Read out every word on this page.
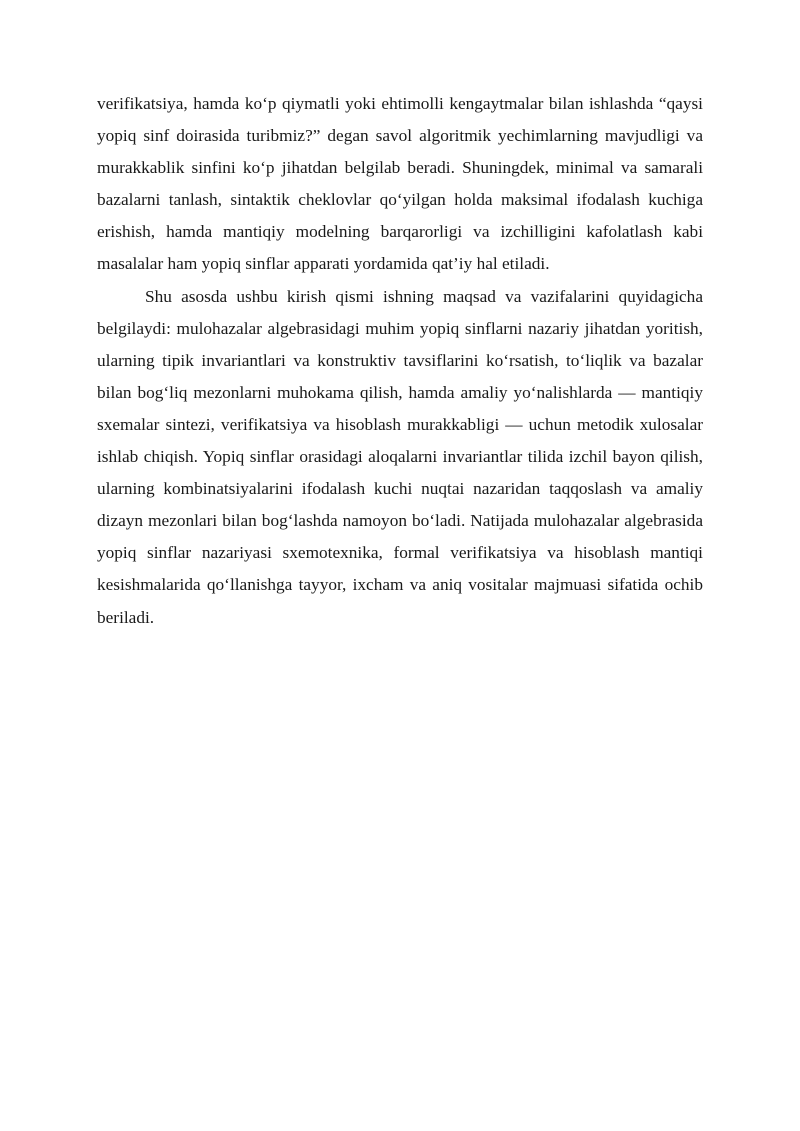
verifikatsiya, hamda ko‘p qiymatli yoki ehtimolli kengaytmalar bilan ishlashda “qaysi yopiq sinf doirasida turibmiz?” degan savol algoritmik yechimlarning mavjudligi va murakkablik sinfini ko‘p jihatdan belgilab beradi. Shuningdek, minimal va samarali bazalarni tanlash, sintaktik cheklovlar qo‘yilgan holda maksimal ifodalash kuchiga erishish, hamda mantiqiy modelning barqarorligi va izchilligini kafolatlash kabi masalalar ham yopiq sinflar apparati yordamida qat’iy hal etiladi.

Shu asosda ushbu kirish qismi ishning maqsad va vazifalarini quyidagicha belgilaydi: mulohazalar algebrasidagi muhim yopiq sinflarni nazariy jihatdan yoritish, ularning tipik invariantlari va konstruktiv tavsiflarini ko‘rsatish, to‘liqlik va bazalar bilan bog‘liq mezonlarni muhokama qilish, hamda amaliy yo‘nalishlarda — mantiqiy sxemalar sintezi, verifikatsiya va hisoblash murakkabligi — uchun metodik xulosalar ishlab chiqish. Yopiq sinflar orasidagi aloqalarni invariantlar tilida izchil bayon qilish, ularning kombinatsiyalarini ifodalash kuchi nuqtai nazaridan taqqoslash va amaliy dizayn mezonlari bilan bog‘lashda namoyon bo‘ladi. Natijada mulohazalar algebrasida yopiq sinflar nazariyasi sxemotexnika, formal verifikatsiya va hisoblash mantiqi kesishmalarida qo‘llanishga tayyor, ixcham va aniq vositalar majmuasi sifatida ochib beriladi.
